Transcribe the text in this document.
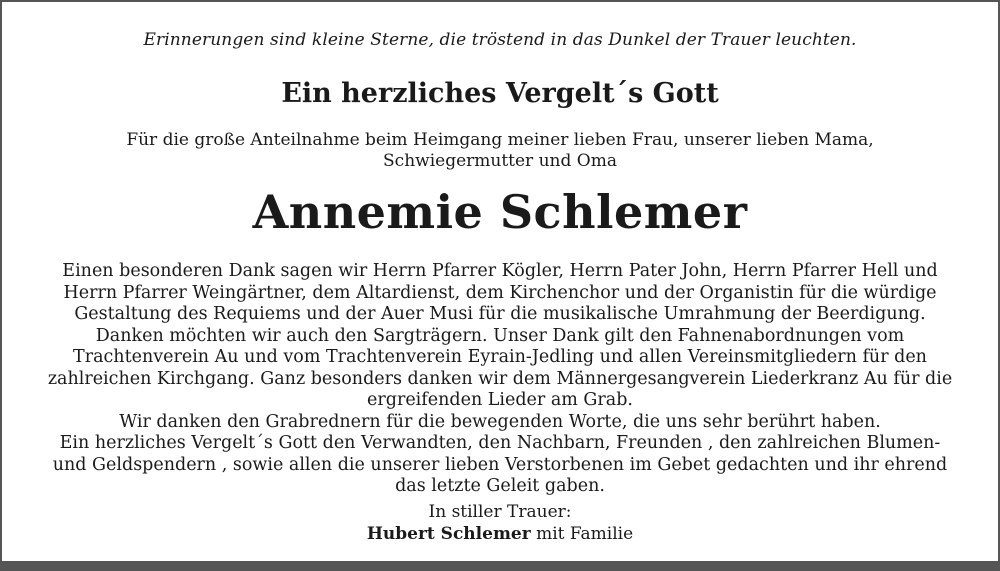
Erinnerungen sind kleine Sterne, die tröstend in das Dunkel der Trauer leuchten.
Ein herzliches Vergelt´s Gott
Für die große Anteilnahme beim Heimgang meiner lieben Frau, unserer lieben Mama,
Schwiegermutter und Oma
Annemie Schlemer

Einen besonderen Dank sagen wir Herrn Pfarrer Kögler, Herrn Pater John, Herrn Pfarrer Hell und Herrn Pfarrer Weingärtner, dem Altardienst, dem Kirchenchor und der Organistin für die würdige Gestaltung des Requiems und der Auer Musi für die musikalische Umrahmung der Beerdigung.

Danken möchten wir auch den Sargträgern. Unser Dank gilt den Fahnenabordnungen vom Trachtenverein Au und vom Trachtenverein Eyrain-Jedling und allen Vereinsmitgliedern für den zahlreichen Kirchgang. Ganz besonders danken wir dem Männergesangverein Liederkranz Au für die ergreifenden Lieder am Grab.

Wir danken den Grabrednern für die bewegenden Worte, die uns sehr berührt haben.

Ein herzliches Vergelt´s Gott den Verwandten, den Nachbarn, Freunden , den zahlreichen Blumen- und Geldspendern , sowie allen die unserer lieben Verstorbenen im Gebet gedachten und ihr ehrend das letzte Geleit gaben.

In stiller Trauer:
Hubert Schlemer mit Familie
